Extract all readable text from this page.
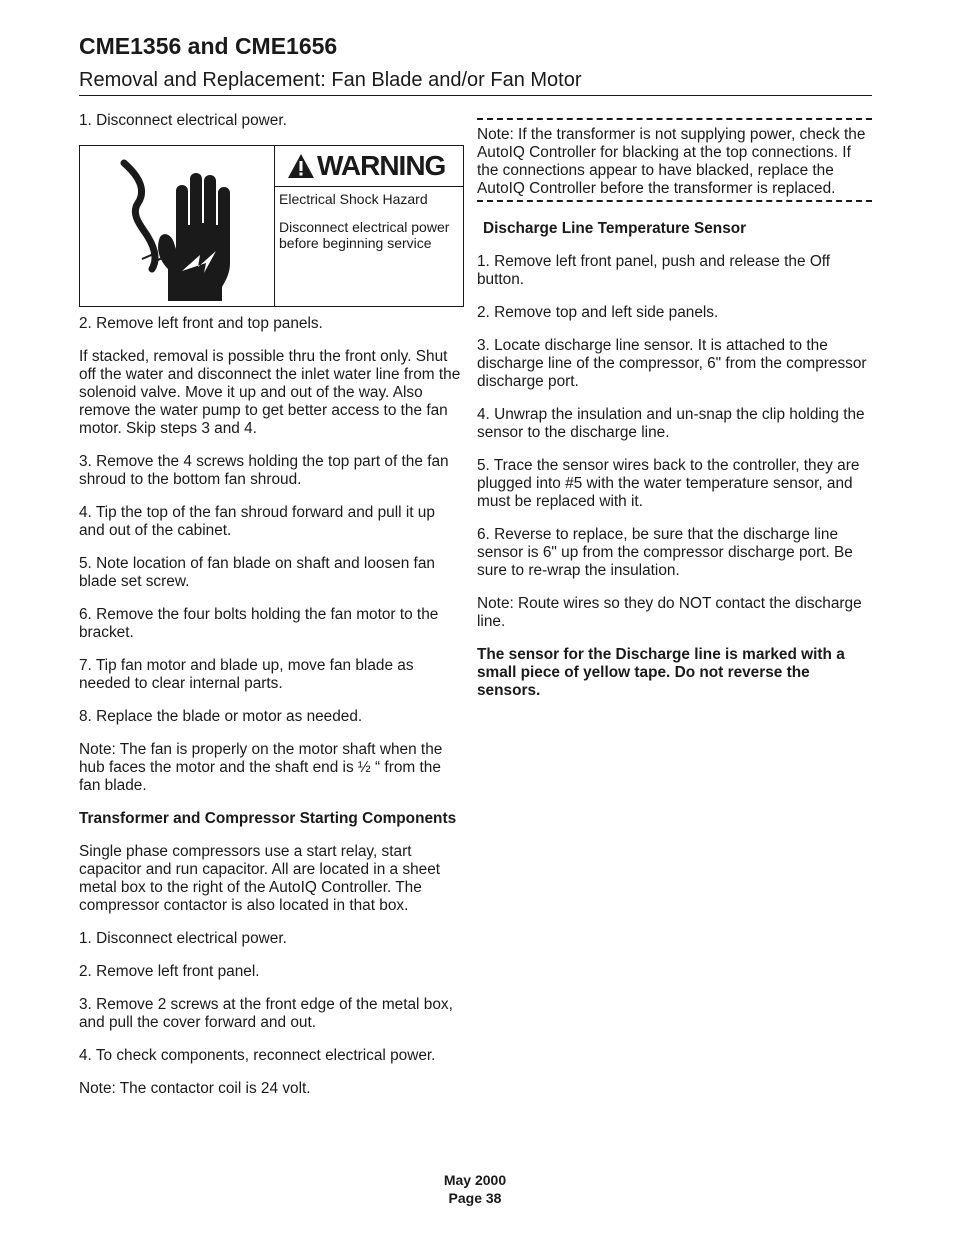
CME1356 and CME1656
Removal and Replacement: Fan Blade and/or Fan Motor

1. Disconnect electrical power.

WARNING
Electrical Shock Hazard
Disconnect electrical power before beginning service

2. Remove left front and top panels.

If stacked, removal is possible thru the front only. Shut off the water and disconnect the inlet water line from the solenoid valve. Move it up and out of the way. Also remove the water pump to get better access to the fan motor. Skip steps 3 and 4.

3. Remove the 4 screws holding the top part of the fan shroud to the bottom fan shroud.

4. Tip the top of the fan shroud forward and pull it up and out of the cabinet.

5. Note location of fan blade on shaft and loosen fan blade set screw.

6. Remove the four bolts holding the fan motor to the bracket.

7. Tip fan motor and blade up, move fan blade as needed to clear internal parts.

8. Replace the blade or motor as needed.

Note: The fan is properly on the motor shaft when the hub faces the motor and the shaft end is ½ “ from the fan blade.

Transformer and Compressor Starting Components

Single phase compressors use a start relay, start capacitor and run capacitor. All are located in a sheet metal box to the right of the AutoIQ Controller. The compressor contactor is also located in that box.

1. Disconnect electrical power.

2. Remove left front panel.

3. Remove 2 screws at the front edge of the metal box, and pull the cover forward and out.

4. To check components, reconnect electrical power.

Note: The contactor coil is 24 volt.

Note: If the transformer is not supplying power, check the AutoIQ Controller for blacking at the top connections. If the connections appear to have blacked, replace the AutoIQ Controller before the transformer is replaced.

Discharge Line Temperature Sensor

1. Remove left front panel, push and release the Off button.

2. Remove top and left side panels.

3. Locate discharge line sensor. It is attached to the discharge line of the compressor, 6" from the compressor discharge port.

4. Unwrap the insulation and un-snap the clip holding the sensor to the discharge line.

5. Trace the sensor wires back to the controller, they are plugged into #5 with the water temperature sensor, and must be replaced with it.

6. Reverse to replace, be sure that the discharge line sensor is 6" up from the compressor discharge port. Be sure to re-wrap the insulation.

Note: Route wires so they do NOT contact the discharge line.

The sensor for the Discharge line is marked with a small piece of yellow tape. Do not reverse the sensors.

May 2000
Page 38
